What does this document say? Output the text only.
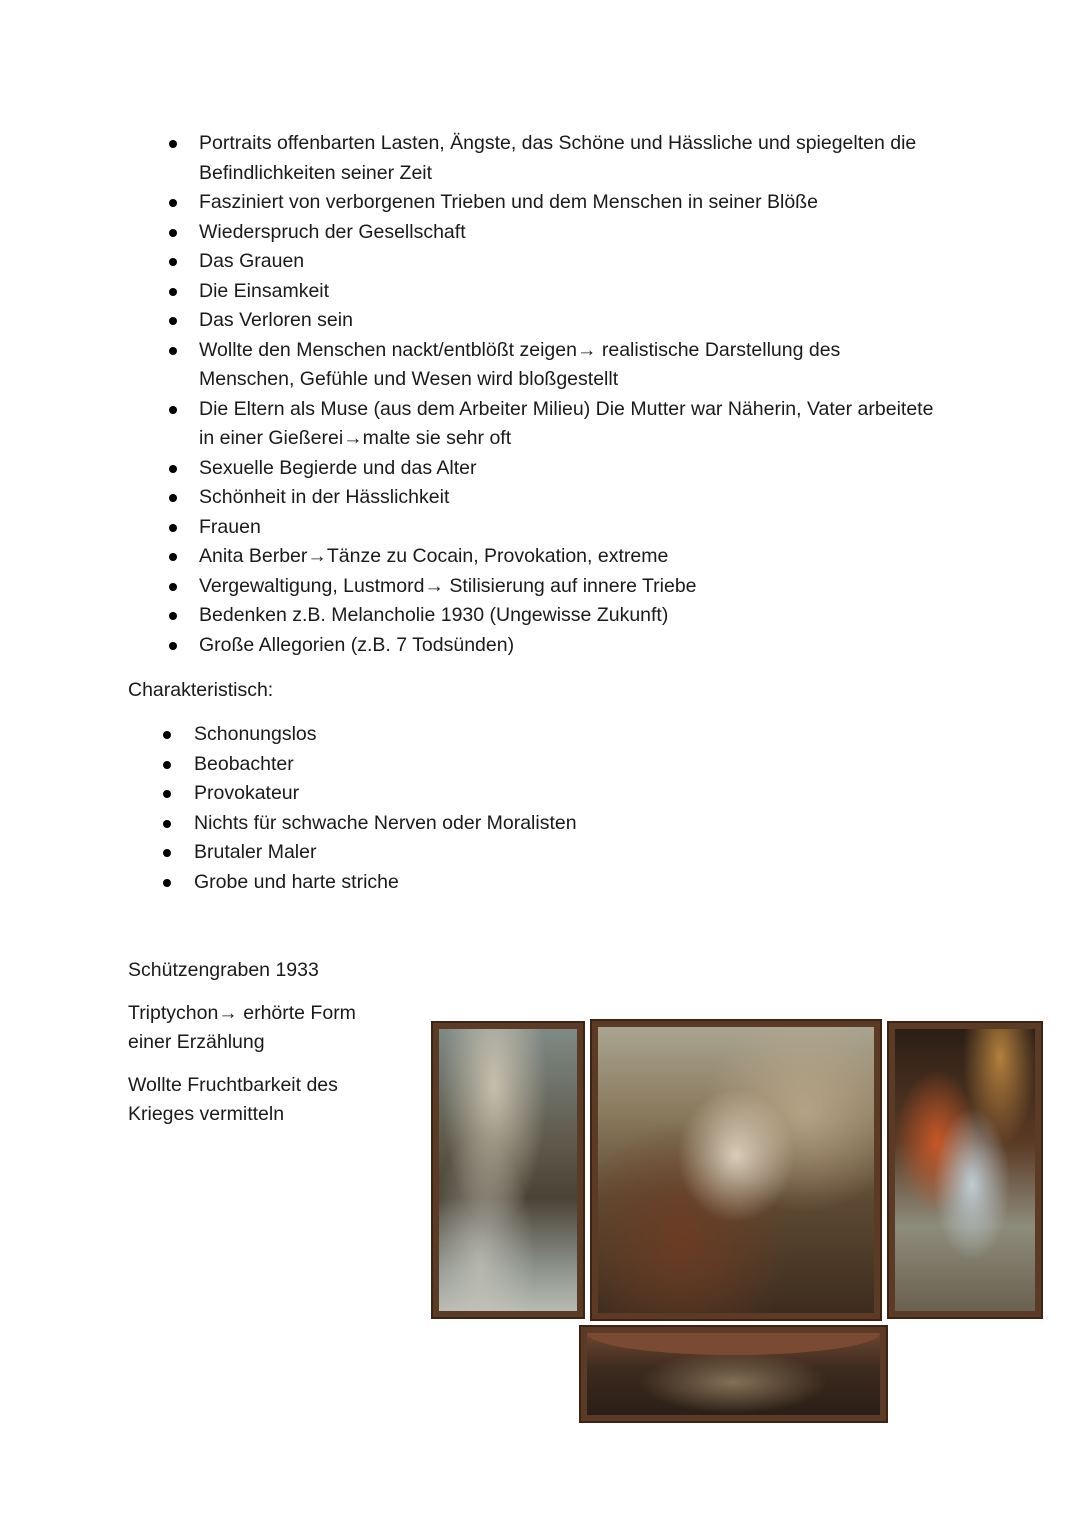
Portraits offenbarten Lasten, Ängste, das Schöne und Hässliche und spiegelten die Befindlichkeiten seiner Zeit
Fasziniert von verborgenen Trieben und dem Menschen in seiner Blöße
Wiederspruch der Gesellschaft
Das Grauen
Die Einsamkeit
Das Verloren sein
Wollte den Menschen nackt/entblößt zeigen→ realistische Darstellung des Menschen, Gefühle und Wesen wird bloßgestellt
Die Eltern als Muse (aus dem Arbeiter Milieu) Die Mutter war Näherin, Vater arbeitete in einer Gießerei→malte sie sehr oft
Sexuelle Begierde und das Alter
Schönheit in der Hässlichkeit
Frauen
Anita Berber→Tänze zu Cocain, Provokation, extreme
Vergewaltigung, Lustmord→ Stilisierung auf innere Triebe
Bedenken z.B. Melancholie 1930 (Ungewisse Zukunft)
Große Allegorien (z.B. 7 Todsünden)

Charakteristisch:

Schonungslos
Beobachter
Provokateur
Nichts für schwache Nerven oder Moralisten
Brutaler Maler
Grobe und harte striche

Schützengraben 1933

Triptychon→ erhörte Form einer Erzählung

Wollte Fruchtbarkeit des Krieges vermitteln
